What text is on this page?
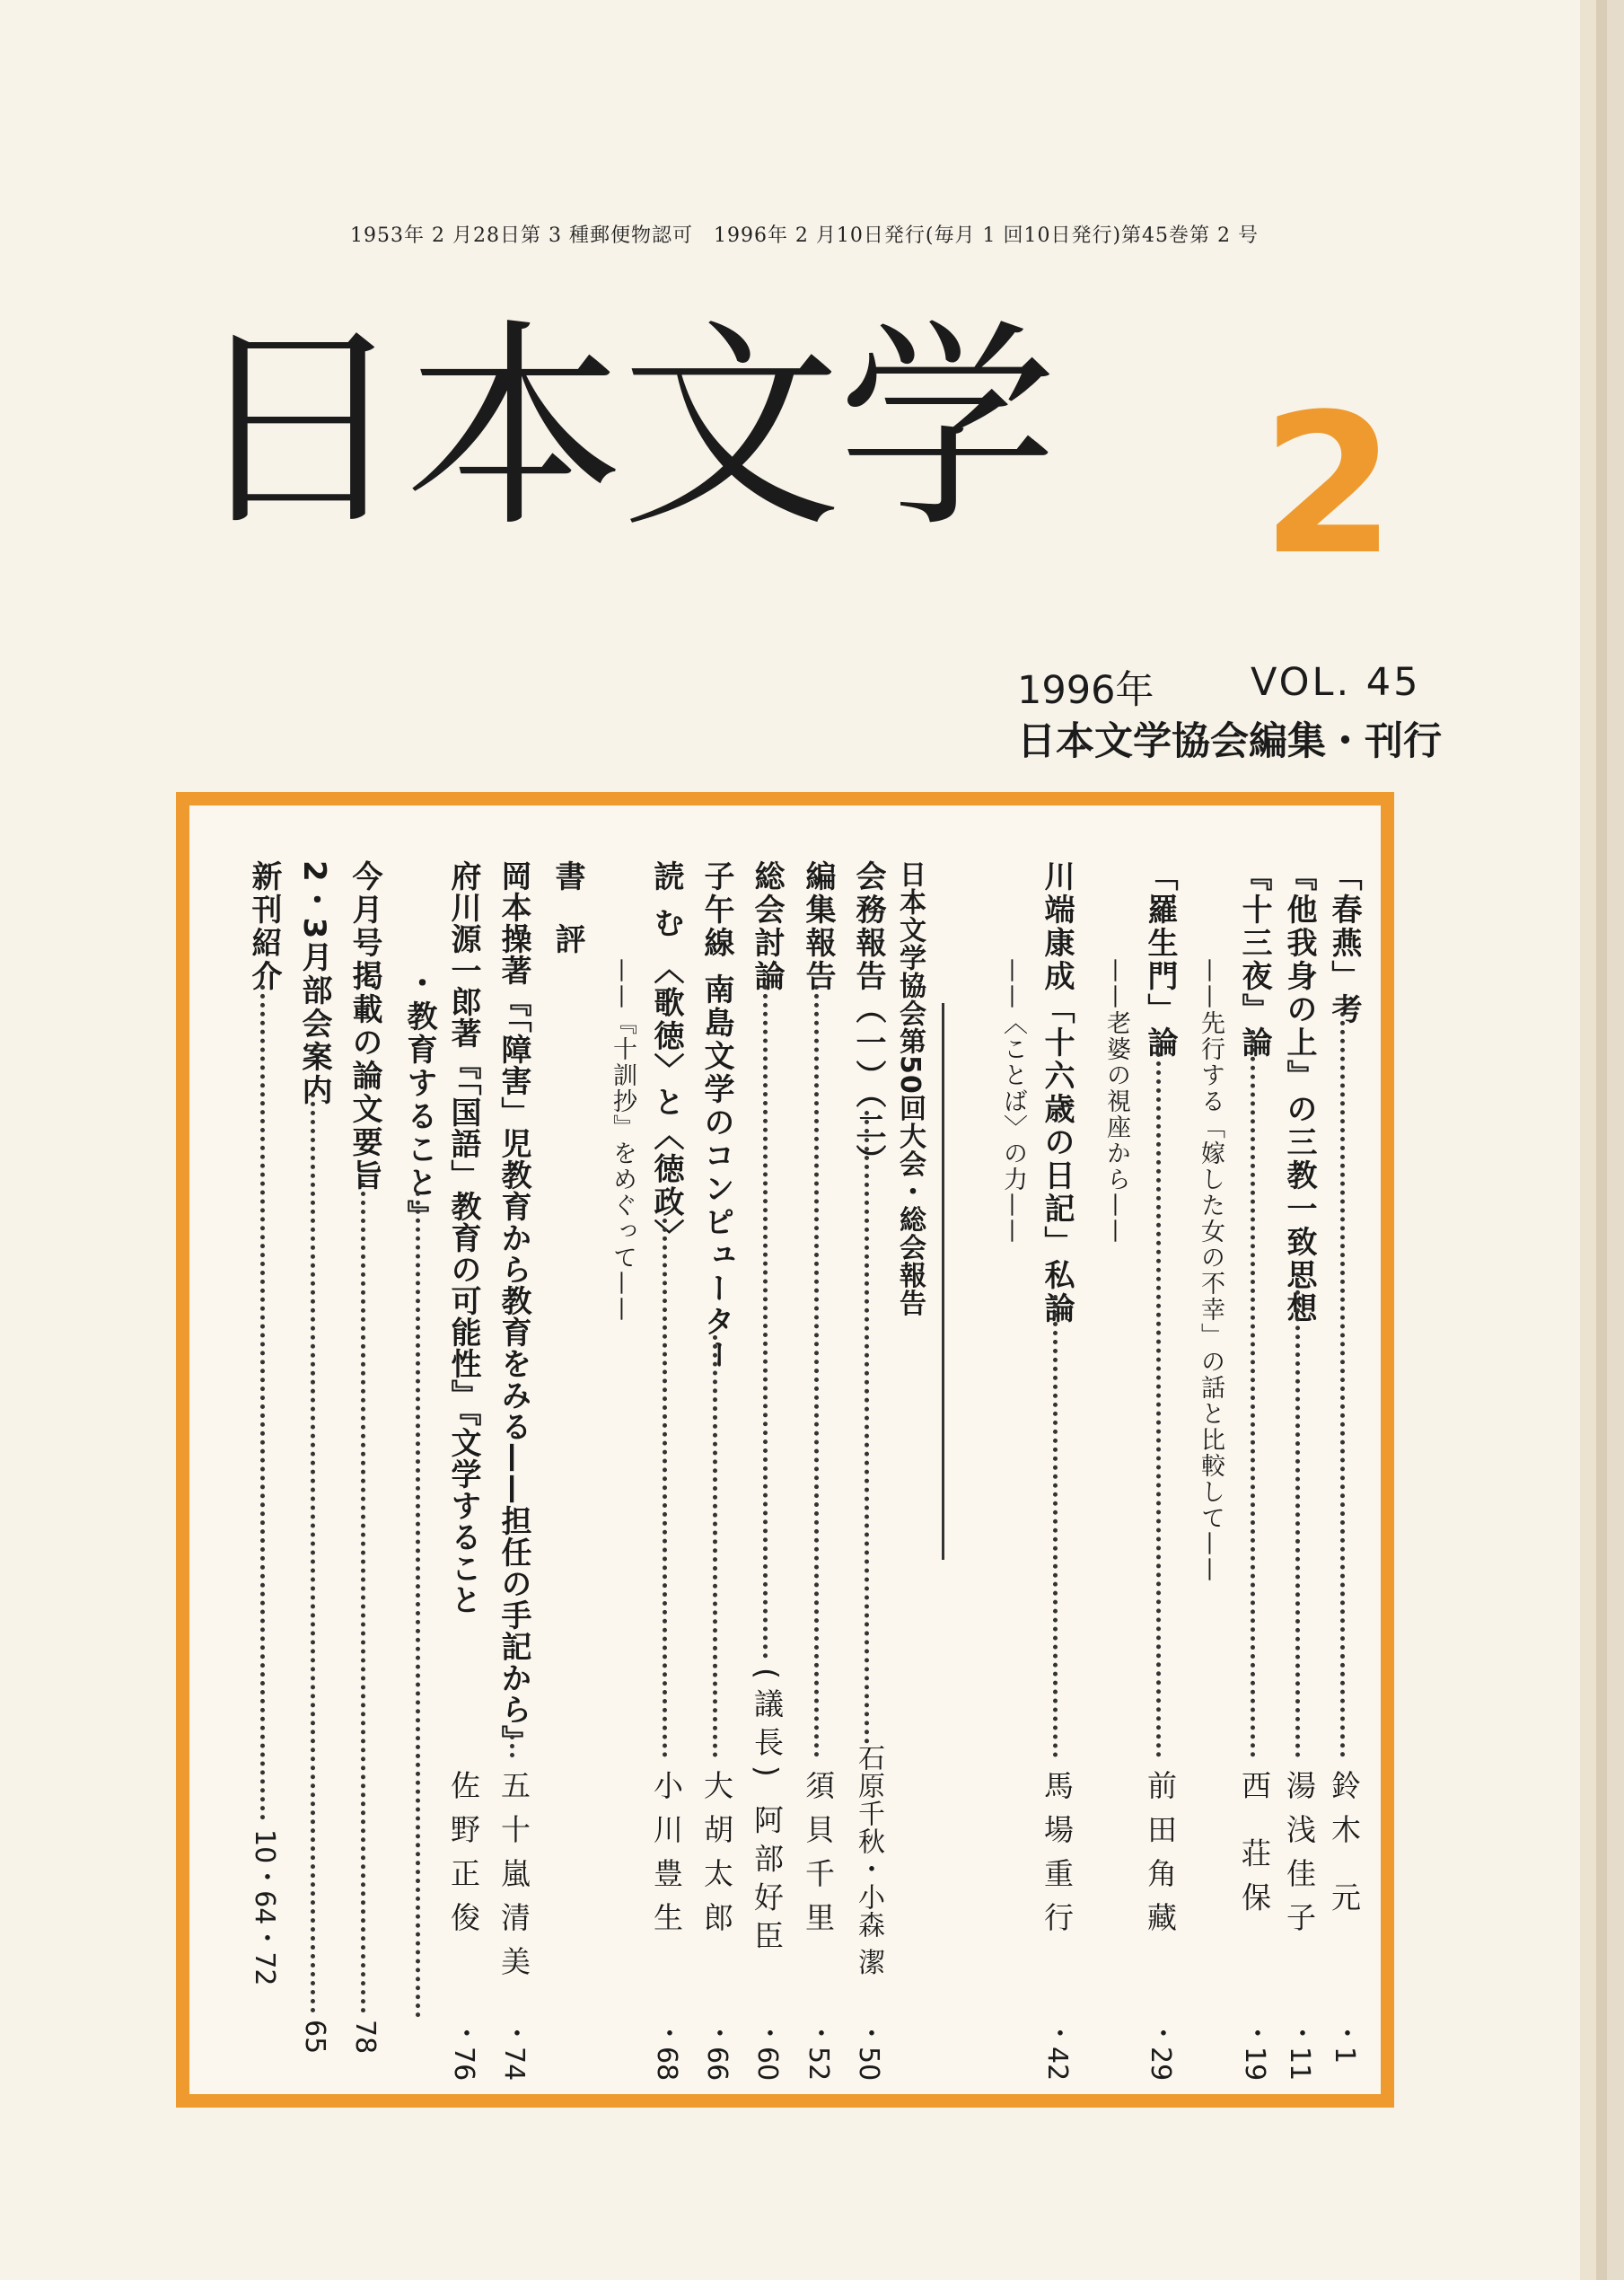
1953年 2 月28日第 3 種郵便物認可　1996年 2 月10日発行(毎月 1 回10日発行)第45巻第 2 号
日本文学 2
1996年	VOL. 45
日本文学協会編集・刊行
「春燕」考
鈴木 元
・1
『他我身の上』の三教一致思想
湯浅佳子
・11
『十三夜』論
西 荘保
・19
——先行する「嫁した女の不幸」の話と比較して——
「羅生門」論
前田角藏
・29
——老婆の視座から——
川端康成「十六歳の日記」私論
馬場重行
・42
——〈ことば〉の力——
日本文学協会第50回大会・総会報告
会務報告（一）（二）
石原千秋・小森 潔
・50
編集報告
須貝千里
・52
総会討論
(議長) 阿部好臣
・60
子午線 南島文学のコンピューター
大胡太郎
・66
読 む 〈歌徳〉と〈徳政〉
小川豊生
・68
——『十訓抄』をめぐって——
書 評
岡本操著『「障害」児教育から教育をみる——担任の手記から』
五十嵐清美
・74
府川源一郎著『「国語」教育の可能性』『文学すること
佐野正俊
・76
・教育すること』
今月号掲載の論文要旨
78
2・3月部会案内
65
新刊紹介
10・64・72
